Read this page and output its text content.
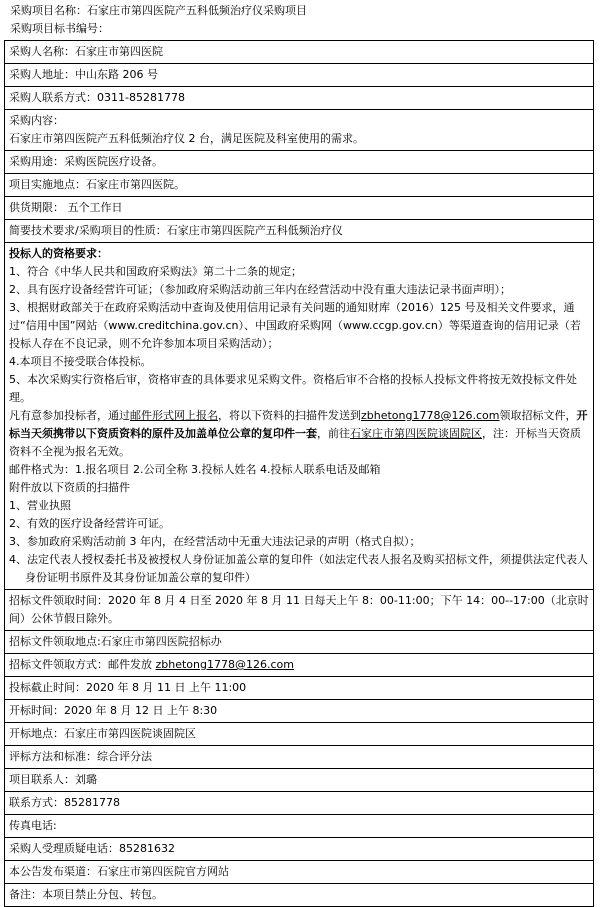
采购项目名称：石家庄市第四医院产五科低频治疗仪采购项目
采购项目标书编号：
采购人名称：石家庄市第四医院
采购人地址：中山东路 206 号
采购人联系方式：0311-85281778

采购内容：
石家庄市第四医院产五科低频治疗仪 2 台，满足医院及科室使用的需求。

采购用途：采购医院医疗设备。
项目实施地点：石家庄市第四医院。
供货期限： 五个工作日
简要技术要求/采购项目的性质：石家庄市第四医院产五科低频治疗仪

投标人的资格要求：
1、符合《中华人民共和国政府采购法》第二十二条的规定；
2、具有医疗设备经营许可证；（参加政府采购活动前三年内在经营活动中没有重大违法记录书面声明）；
3、根据财政部关于在政府采购活动中查询及使用信用记录有关问题的通知财库（2016）125 号及相关文件要求，通过“信用中国”网站（www.creditchina.gov.cn）、中国政府采购网（www.ccgp.gov.cn）等渠道查询的信用记录（若投标人存在不良记录，则不允许参加本项目采购活动）；
4.本项目不接受联合体投标。
5、本次采购实行资格后审，资格审查的具体要求见采购文件。资格后审不合格的投标人投标文件将按无效投标文件处理。
凡有意参加投标者，通过邮件形式网上报名，将以下资料的扫描件发送到zbhetong1778@126.com领取招标文件，开标当天须携带以下资质资料的原件及加盖单位公章的复印件一套，前往石家庄市第四医院谈固院区，注：开标当天资质资料不全视为报名无效。
邮件格式为：1.报名项目 2.公司全称 3.投标人姓名 4.投标人联系电话及邮箱
附件放以下资质的扫描件
1、营业执照
2、有效的医疗设备经营许可证。
3、参加政府采购活动前 3 年内，在经营活动中无重大违法记录的声明（格式自拟）；
4、法定代表人授权委托书及被授权人身份证加盖公章的复印件（如法定代表人报名及购买招标文件，须提供法定代表人身份证明书原件及其身份证加盖公章的复印件）

招标文件领取时间：2020 年 8 月 4 日至 2020 年 8 月 11 日每天上午 8：00-11:00；下午 14：00--17:00（北京时间）公休节假日除外。
招标文件领取地点:石家庄市第四医院招标办
招标文件领取方式：邮件发放 zbhetong1778@126.com
投标截止时间：2020 年 8 月 11 日 上午 11:00
开标时间：2020 年 8 月 12 日 上午 8:30
开标地点：石家庄市第四医院谈固院区
评标方法和标准：综合评分法
项目联系人：刘璐
联系方式：85281778
传真电话:
采购人受理质疑电话：85281632
本公告发布渠道：石家庄市第四医院官方网站
备注：本项目禁止分包、转包。
